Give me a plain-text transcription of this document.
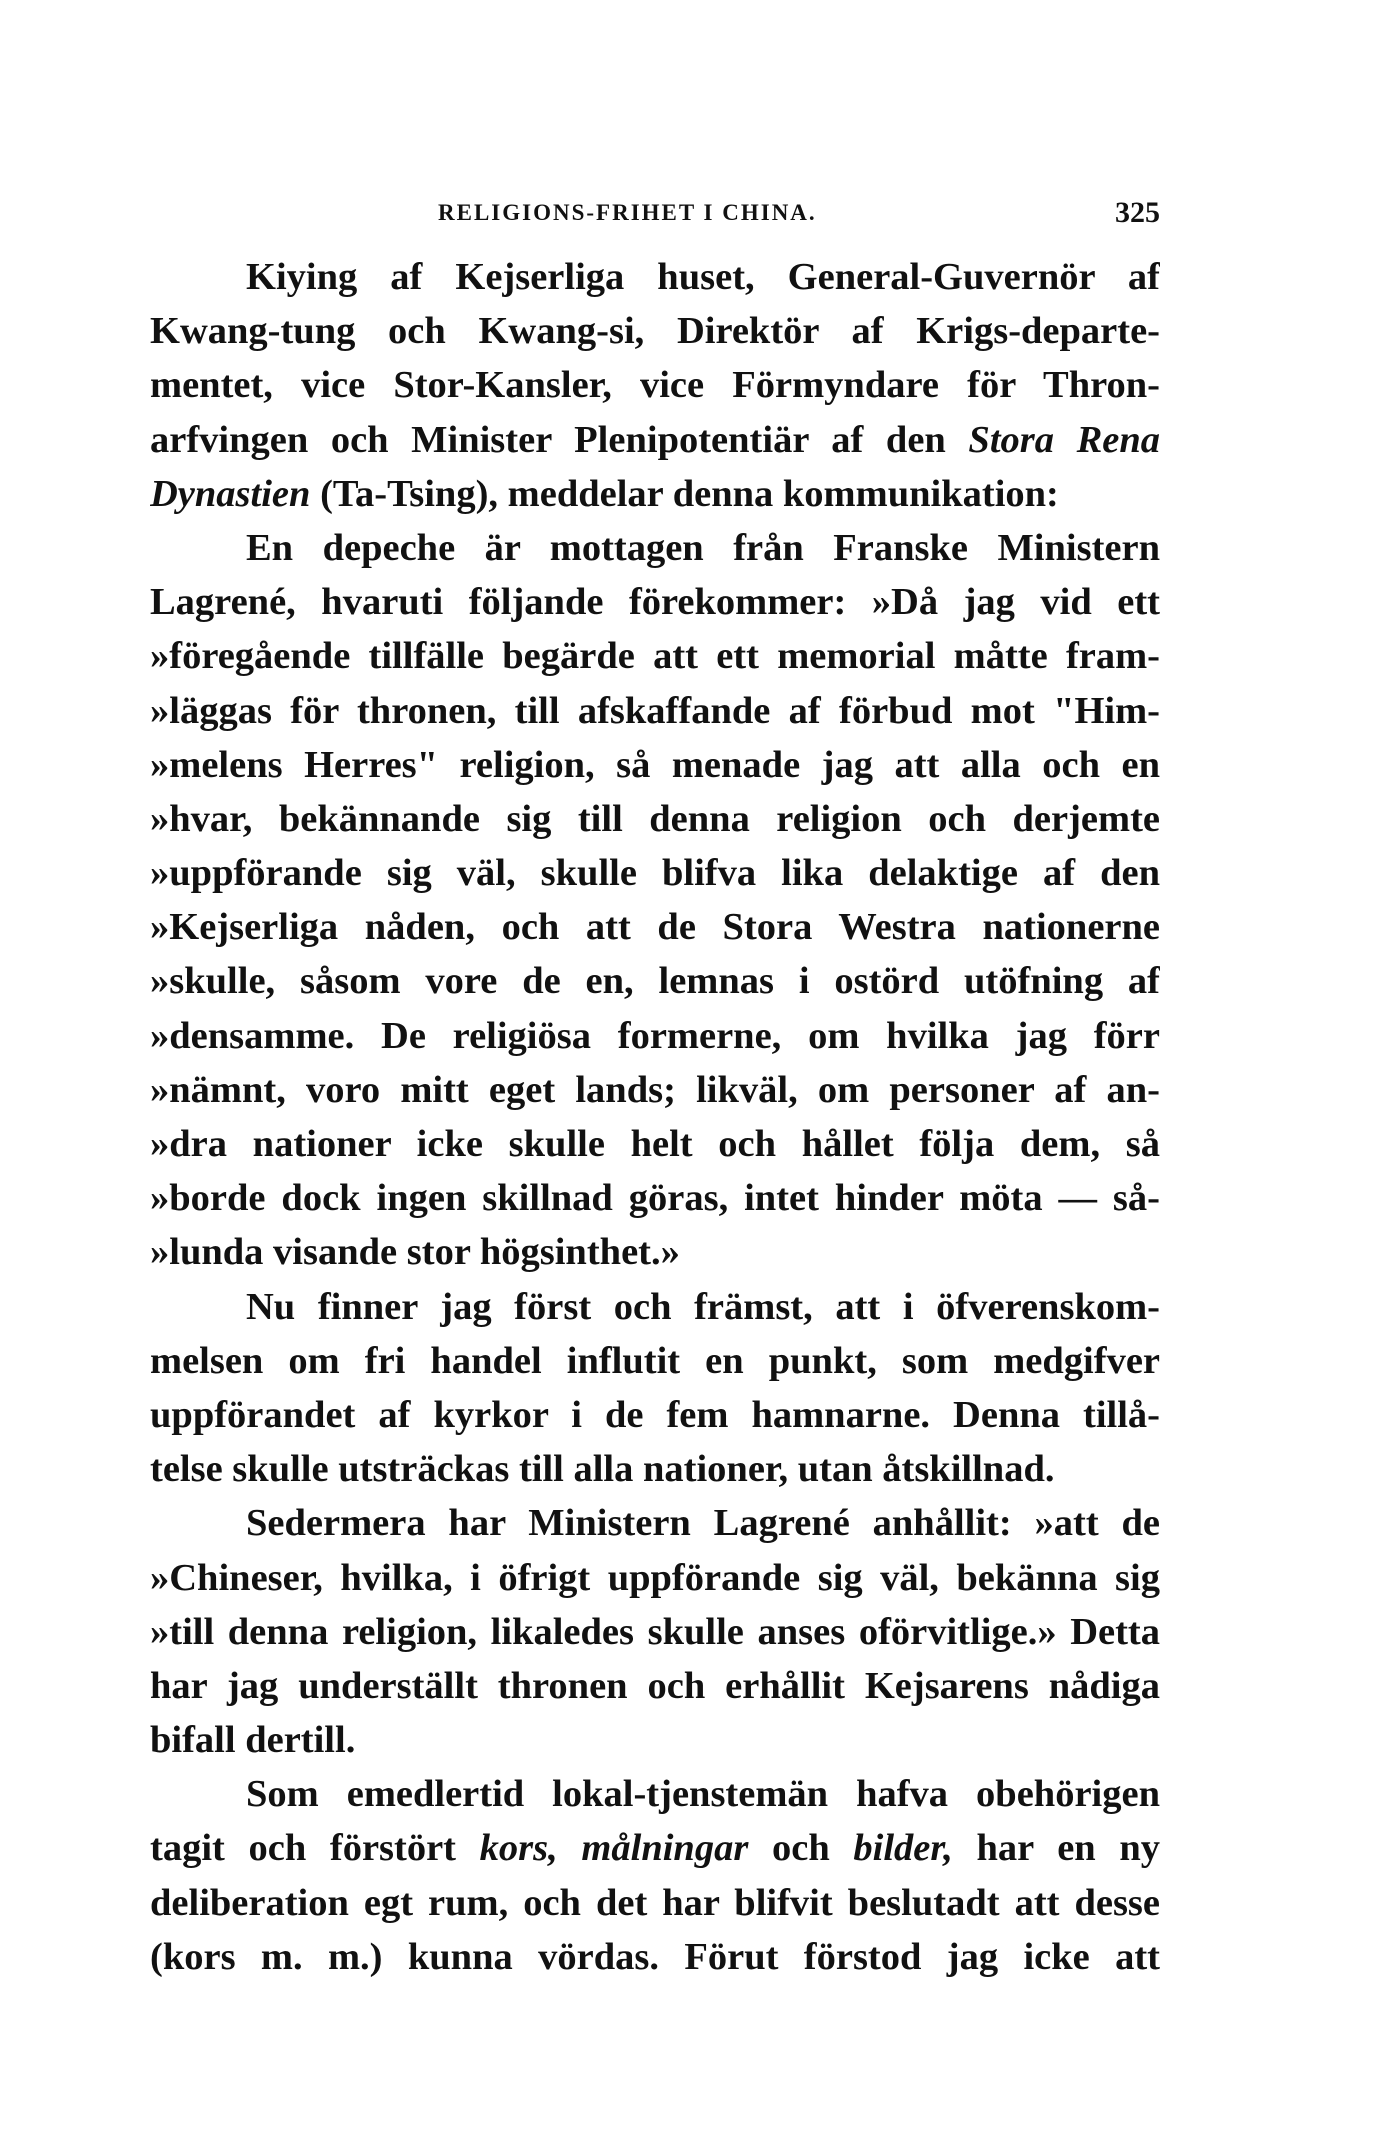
RELIGIONS-FRIHET I CHINA.	325
Kiying af Kejserliga huset, General-Guvernör af
Kwang-tung och Kwang-si, Direktör af Krigs-departe-
mentet, vice Stor-Kansler, vice Förmyndare för Thron-
arfvingen och Minister Plenipotentiär af den Stora Rena
Dynastien (Ta-Tsing), meddelar denna kommunikation:
En depeche är mottagen från Franske Ministern
Lagrené, hvaruti följande förekommer: »Då jag vid ett
»föregående tillfälle begärde att ett memorial måtte fram-
»läggas för thronen, till afskaffande af förbud mot "Him-
»melens Herres" religion, så menade jag att alla och en
»hvar, bekännande sig till denna religion och derjemte
»uppförande sig väl, skulle blifva lika delaktige af den
»Kejserliga nåden, och att de Stora Westra nationerne
»skulle, såsom vore de en, lemnas i ostörd utöfning af
»densamme. De religiösa formerne, om hvilka jag förr
»nämnt, voro mitt eget lands; likväl, om personer af an-
»dra nationer icke skulle helt och hållet följa dem, så
»borde dock ingen skillnad göras, intet hinder möta — så-
»lunda visande stor högsinthet.»
Nu finner jag först och främst, att i öfverenskom-
melsen om fri handel influtit en punkt, som medgifver
uppförandet af kyrkor i de fem hamnarne. Denna tillå-
telse skulle utsträckas till alla nationer, utan åtskillnad.
Sedermera har Ministern Lagrené anhållit: »att de
»Chineser, hvilka, i öfrigt uppförande sig väl, bekänna sig
»till denna religion, likaledes skulle anses oförvitlige.» Detta
har jag underställt thronen och erhållit Kejsarens nådiga
bifall dertill.
Som emedlertid lokal-tjenstemän hafva obehörigen
tagit och förstört kors, målningar och bilder, har en ny
deliberation egt rum, och det har blifvit beslutadt att desse
(kors m. m.) kunna vördas. Förut förstod jag icke att
